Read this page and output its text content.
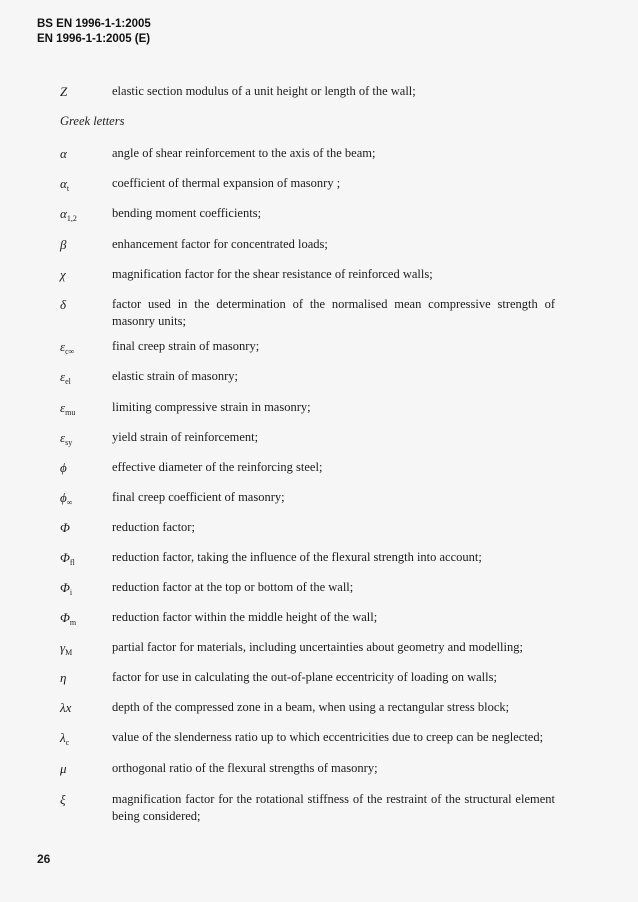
BS EN 1996-1-1:2005
EN 1996-1-1:2005 (E)
Z	elastic section modulus of a unit height or length of the wall;
Greek letters
α	angle of shear reinforcement to the axis of the beam;
$\alpha_t$	coefficient of thermal expansion of masonry ;
$\alpha_{1,2}$	bending moment coefficients;
β	enhancement factor for concentrated loads;
χ	magnification factor for the shear resistance of reinforced walls;
δ	factor used in the determination of the normalised mean compressive strength of masonry units;
$\varepsilon_{c\infty}$	final creep strain of masonry;
$\varepsilon_{el}$	elastic strain of masonry;
$\varepsilon_{mu}$	limiting compressive strain in masonry;
$\varepsilon_{sy}$	yield strain of reinforcement;
ϕ	effective diameter of the reinforcing steel;
$\phi_\infty$	final creep coefficient of masonry;
Φ	reduction factor;
$\Phi_{fl}$	reduction factor, taking the influence of the flexural strength into account;
$\Phi_i$	reduction factor at the top or bottom of the wall;
$\Phi_m$	reduction factor within the middle height of the wall;
$\gamma_M$	partial factor for materials, including uncertainties about geometry and modelling;
η	factor for use in calculating the out-of-plane eccentricity of loading on walls;
λx	depth of the compressed zone in a beam, when using a rectangular stress block;
$\lambda_c$	value of the slenderness ratio up to which eccentricities due to creep can be neglected;
μ	orthogonal ratio of the flexural strengths of masonry;
ξ	magnification factor for the rotational stiffness of the restraint of the structural element being considered;
26
